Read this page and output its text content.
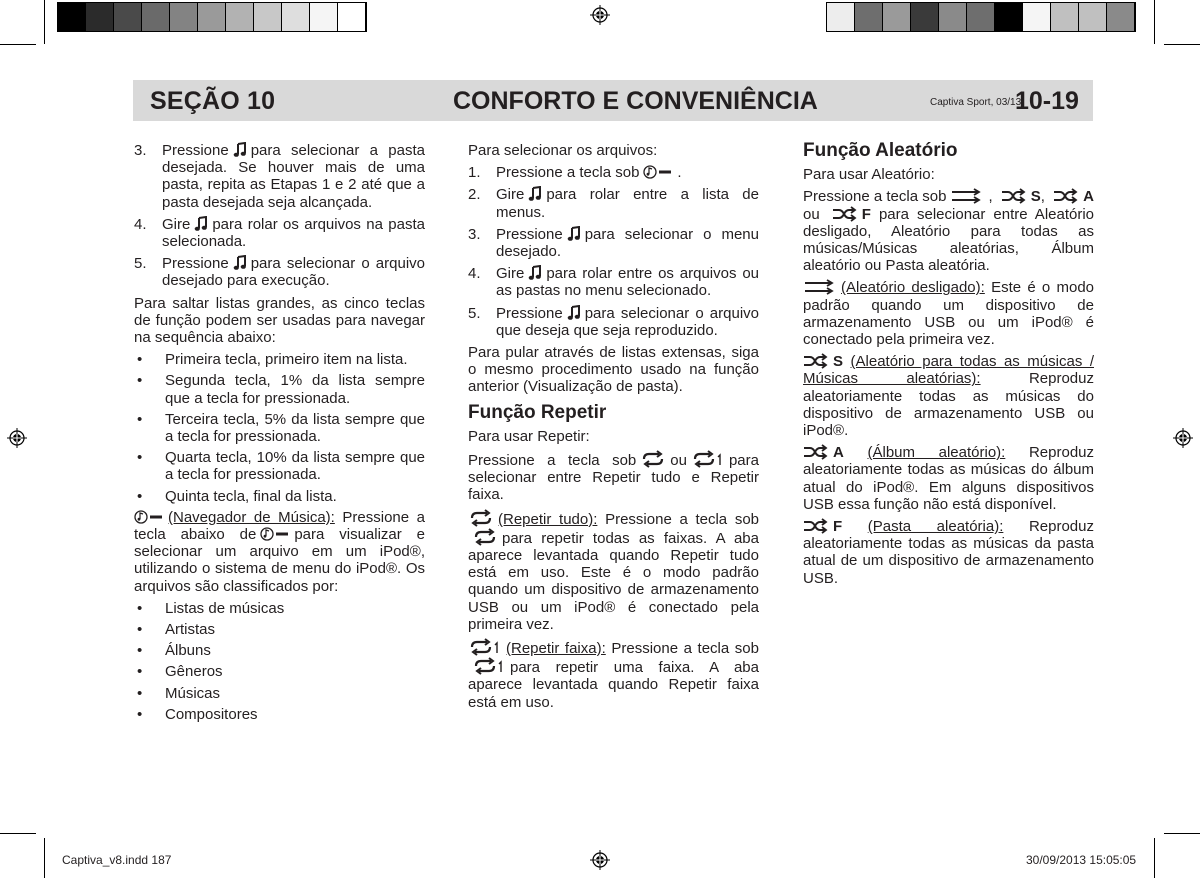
SEÇÃO 10	CONFORTO E CONVENIÊNCIA	Captiva Sport, 03/13
10-19
3.	Pressione para selecionar a pasta desejada. Se houver mais de uma pasta, repita as Etapas 1 e 2 até que a pasta desejada seja alcançada.
4.	Gire para rolar os arquivos na pasta selecionada.
5.	Pressione para selecionar o arquivo desejado para execução.

Para saltar listas grandes, as cinco teclas de função podem ser usadas para navegar na sequência abaixo:

•	Primeira tecla, primeiro item na lista.
•	Segunda tecla, 1% da lista sempre que a tecla for pressionada.
•	Terceira tecla, 5% da lista sempre que a tecla for pressionada.
•	Quarta tecla, 10% da lista sempre que a tecla for pressionada.
•	Quinta tecla, final da lista.

(Navegador de Música): Pressione a tecla abaixo de	para visualizar e selecionar um arquivo em um iPod®, utilizando o sistema de menu do iPod®. Os arquivos são classificados por:

•	Listas de músicas
•	Artistas
•	Álbuns
•	Gêneros
•	Músicas
•	Compositores

Para selecionar os arquivos:

1.	Pressione a tecla sob	.
2.	Gire para rolar entre a lista de menus.
3.	Pressione para selecionar o menu desejado.
4.	Gire para rolar entre os arquivos ou as pastas no menu selecionado.
5.	Pressione para selecionar o arquivo que deseja que seja reproduzido.

Para pular através de listas extensas, siga o mesmo procedimento usado na função anterior (Visualização de pasta).

Função Repetir

Para usar Repetir:

Pressione a tecla sob ou	para selecionar entre Repetir tudo e Repetir faixa.

(Repetir tudo): Pressione a tecla sobpara repetir todas as faixas. A aba aparece levantada quando Repetir tudo está em uso. Este é o modo padrão quando um dispositivo de armazenamento USB ou um iPod® é conectado pela primeira vez.

(Repetir faixa): Pressione a tecla sobpara repetir uma faixa. A aba aparece levantada quando Repetir faixa está em uso.

Função Aleatório

Para usar Aleatório:

Pressione a tecla sob	, S, A ou	F para selecionar entre Aleatório desligado, Aleatório para todas as músicas/Músicas aleatórias, Álbum aleatório ou Pasta aleatória.

(Aleatório desligado): Este é o modo padrão quando um dispositivo de armazenamento USB ou um iPod® é conectado pela primeira vez.

S (Aleatório para todas as músicas / Músicas aleatórias):	Reproduz aleatoriamente todas as músicas do dispositivo de armazenamento USB ou iPod®.

A (Álbum aleatório): Reproduz aleatoriamente todas as músicas do álbum atual do iPod®. Em alguns dispositivos USB essa função não está disponível.

F (Pasta aleatória): Reproduz aleatoriamente todas as músicas da pasta atual de um dispositivo de armazenamento USB.

Captiva_v8.indd 187	30/09/2013 15:05:05
